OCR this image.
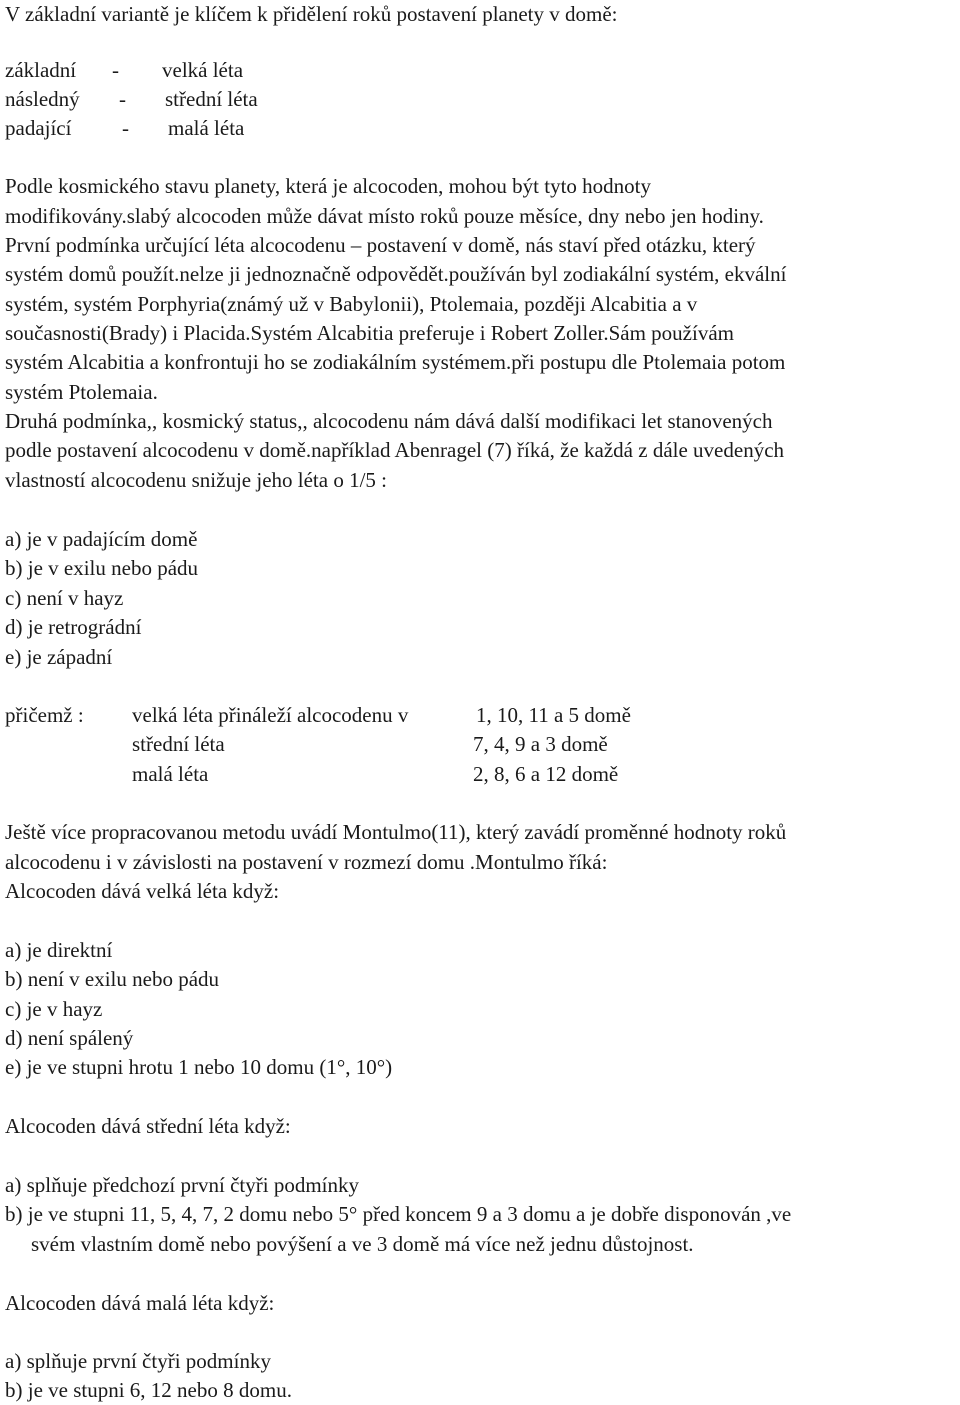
V základní variantě je klíčem k přidělení roků postavení planety v domě:
základní - velká léta
následný - střední léta
padající - malá léta
Podle kosmického stavu planety, která je alcocoden, mohou být tyto hodnoty
modifikovány.slabý alcocoden může dávat místo roků pouze měsíce, dny nebo jen hodiny.
První podmínka určující léta alcocodenu – postavení v domě, nás staví před otázku, který
systém domů použít.nelze ji jednoznačně odpovědět.používán byl zodiakální systém, ekvální
systém, systém Porphyria(známý už v Babylonii), Ptolemaia, později Alcabitia a v
současnosti(Brady) i Placida.Systém Alcabitia preferuje i Robert Zoller.Sám používám
systém Alcabitia a konfrontuji ho se zodiakálním systémem.při postupu dle Ptolemaia potom
systém Ptolemaia.
Druhá podmínka,, kosmický status,, alcocodenu nám dává další modifikaci let stanovených
podle postavení alcocodenu v domě.například Abenragel (7) říká, že každá z dále uvedených
vlastností alcocodenu snižuje jeho léta o 1/5 :
a) je v padajícím domě
b) je v exilu nebo pádu
c) není v hayz
d) je retrográdní
e) je západní
přičemž : velká léta přináleží alcocodenu v	1, 10, 11 a 5 domě
střední léta	7, 4, 9 a 3 domě
malá léta	2, 8, 6 a 12 domě
Ještě více propracovanou metodu uvádí Montulmo(11), který zavádí proměnné hodnoty roků
alcocodenu i v závislosti na postavení v rozmezí domu .Montulmo říká:
Alcocoden dává velká léta když:
a) je direktní
b) není v exilu nebo pádu
c) je v hayz
d) není spálený
e) je ve stupni hrotu 1 nebo 10 domu (1°, 10°)
Alcocoden dává střední léta když:
a) splňuje předchozí první čtyři podmínky
b) je ve stupni 11, 5, 4, 7, 2 domu nebo 5° před koncem 9 a 3 domu a je dobře disponován ,ve
svém vlastním domě nebo povýšení a ve 3 domě má více než jednu důstojnost.
Alcocoden dává malá léta když:
a) splňuje první čtyři podmínky
b) je ve stupni 6, 12 nebo 8 domu.
